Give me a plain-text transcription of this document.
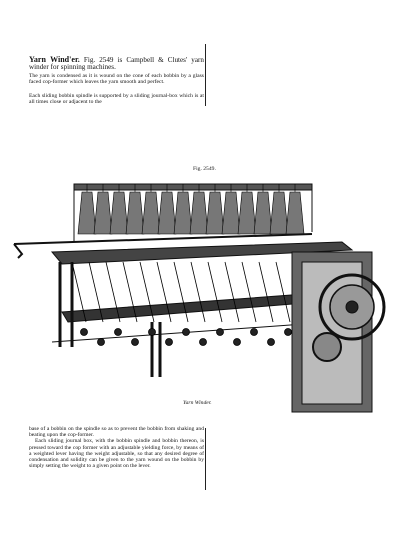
Yarn Wind'er. Fig. 2549 is Campbell & Clutes' yarn winder for spinning machines.
The yarn is condensed as it is wound on the cone of each bobbin by a glass faced cop-former which leaves the yarn smooth and perfect.
Each sliding bobbin spindle is supported by a sliding journal-box which is at all times close or adjacent to the
Fig. 2549.
Yarn Winder.

base of a bobbin on the spindle so as to prevent the bobbin from shaking and beating upon the cop-former.

Each sliding journal box, with the bobbin spindle and bobbin thereon, is pressed toward the cop former with an adjustable yielding force, by means of a weighted lever having the weight adjustable, so that any desired degree of condensation and solidity can be given to the yarn wound on the bobbin by simply setting the weight to a given point on the lever.
